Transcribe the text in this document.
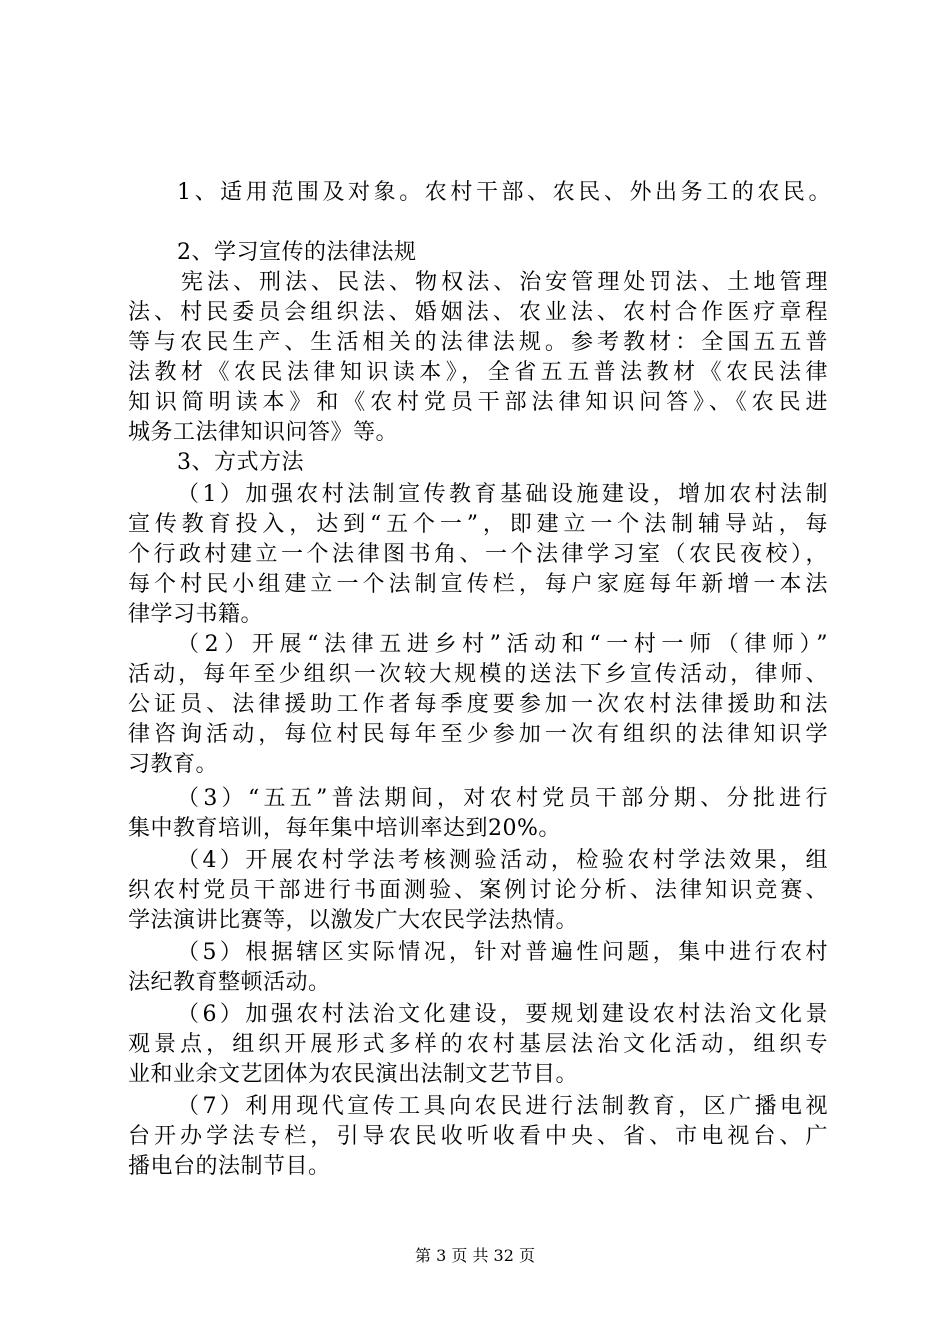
1、适用范围及对象。农村干部、农民、外出务工的农民。
2、学习宣传的法律法规
宪法、刑法、民法、物权法、治安管理处罚法、土地管理
法、村民委员会组织法、婚姻法、农业法、农村合作医疗章程
等与农民生产、生活相关的法律法规。参考教材：全国五五普
法教材《农民法律知识读本》，全省五五普法教材《农民法律
知识简明读本》和《农村党员干部法律知识问答》、《农民进
城务工法律知识问答》等。
3、方式方法
（1）加强农村法制宣传教育基础设施建设，增加农村法制
宣传教育投入，达到“五个一”，即建立一个法制辅导站，每
个行政村建立一个法律图书角、一个法律学习室（农民夜校），
每个村民小组建立一个法制宣传栏，每户家庭每年新增一本法
律学习书籍。
（2）开展“法律五进乡村”活动和“一村一师（律师）”
活动，每年至少组织一次较大规模的送法下乡宣传活动，律师、
公证员、法律援助工作者每季度要参加一次农村法律援助和法
律咨询活动，每位村民每年至少参加一次有组织的法律知识学
习教育。
（3）“五五”普法期间，对农村党员干部分期、分批进行
集中教育培训，每年集中培训率达到20%。
（4）开展农村学法考核测验活动，检验农村学法效果，组
织农村党员干部进行书面测验、案例讨论分析、法律知识竞赛、
学法演讲比赛等，以激发广大农民学法热情。
（5）根据辖区实际情况，针对普遍性问题，集中进行农村
法纪教育整顿活动。
（6）加强农村法治文化建设，要规划建设农村法治文化景
观景点，组织开展形式多样的农村基层法治文化活动，组织专
业和业余文艺团体为农民演出法制文艺节目。
（7）利用现代宣传工具向农民进行法制教育，区广播电视
台开办学法专栏，引导农民收听收看中央、省、市电视台、广
播电台的法制节目。
第 3 页 共 32 页
